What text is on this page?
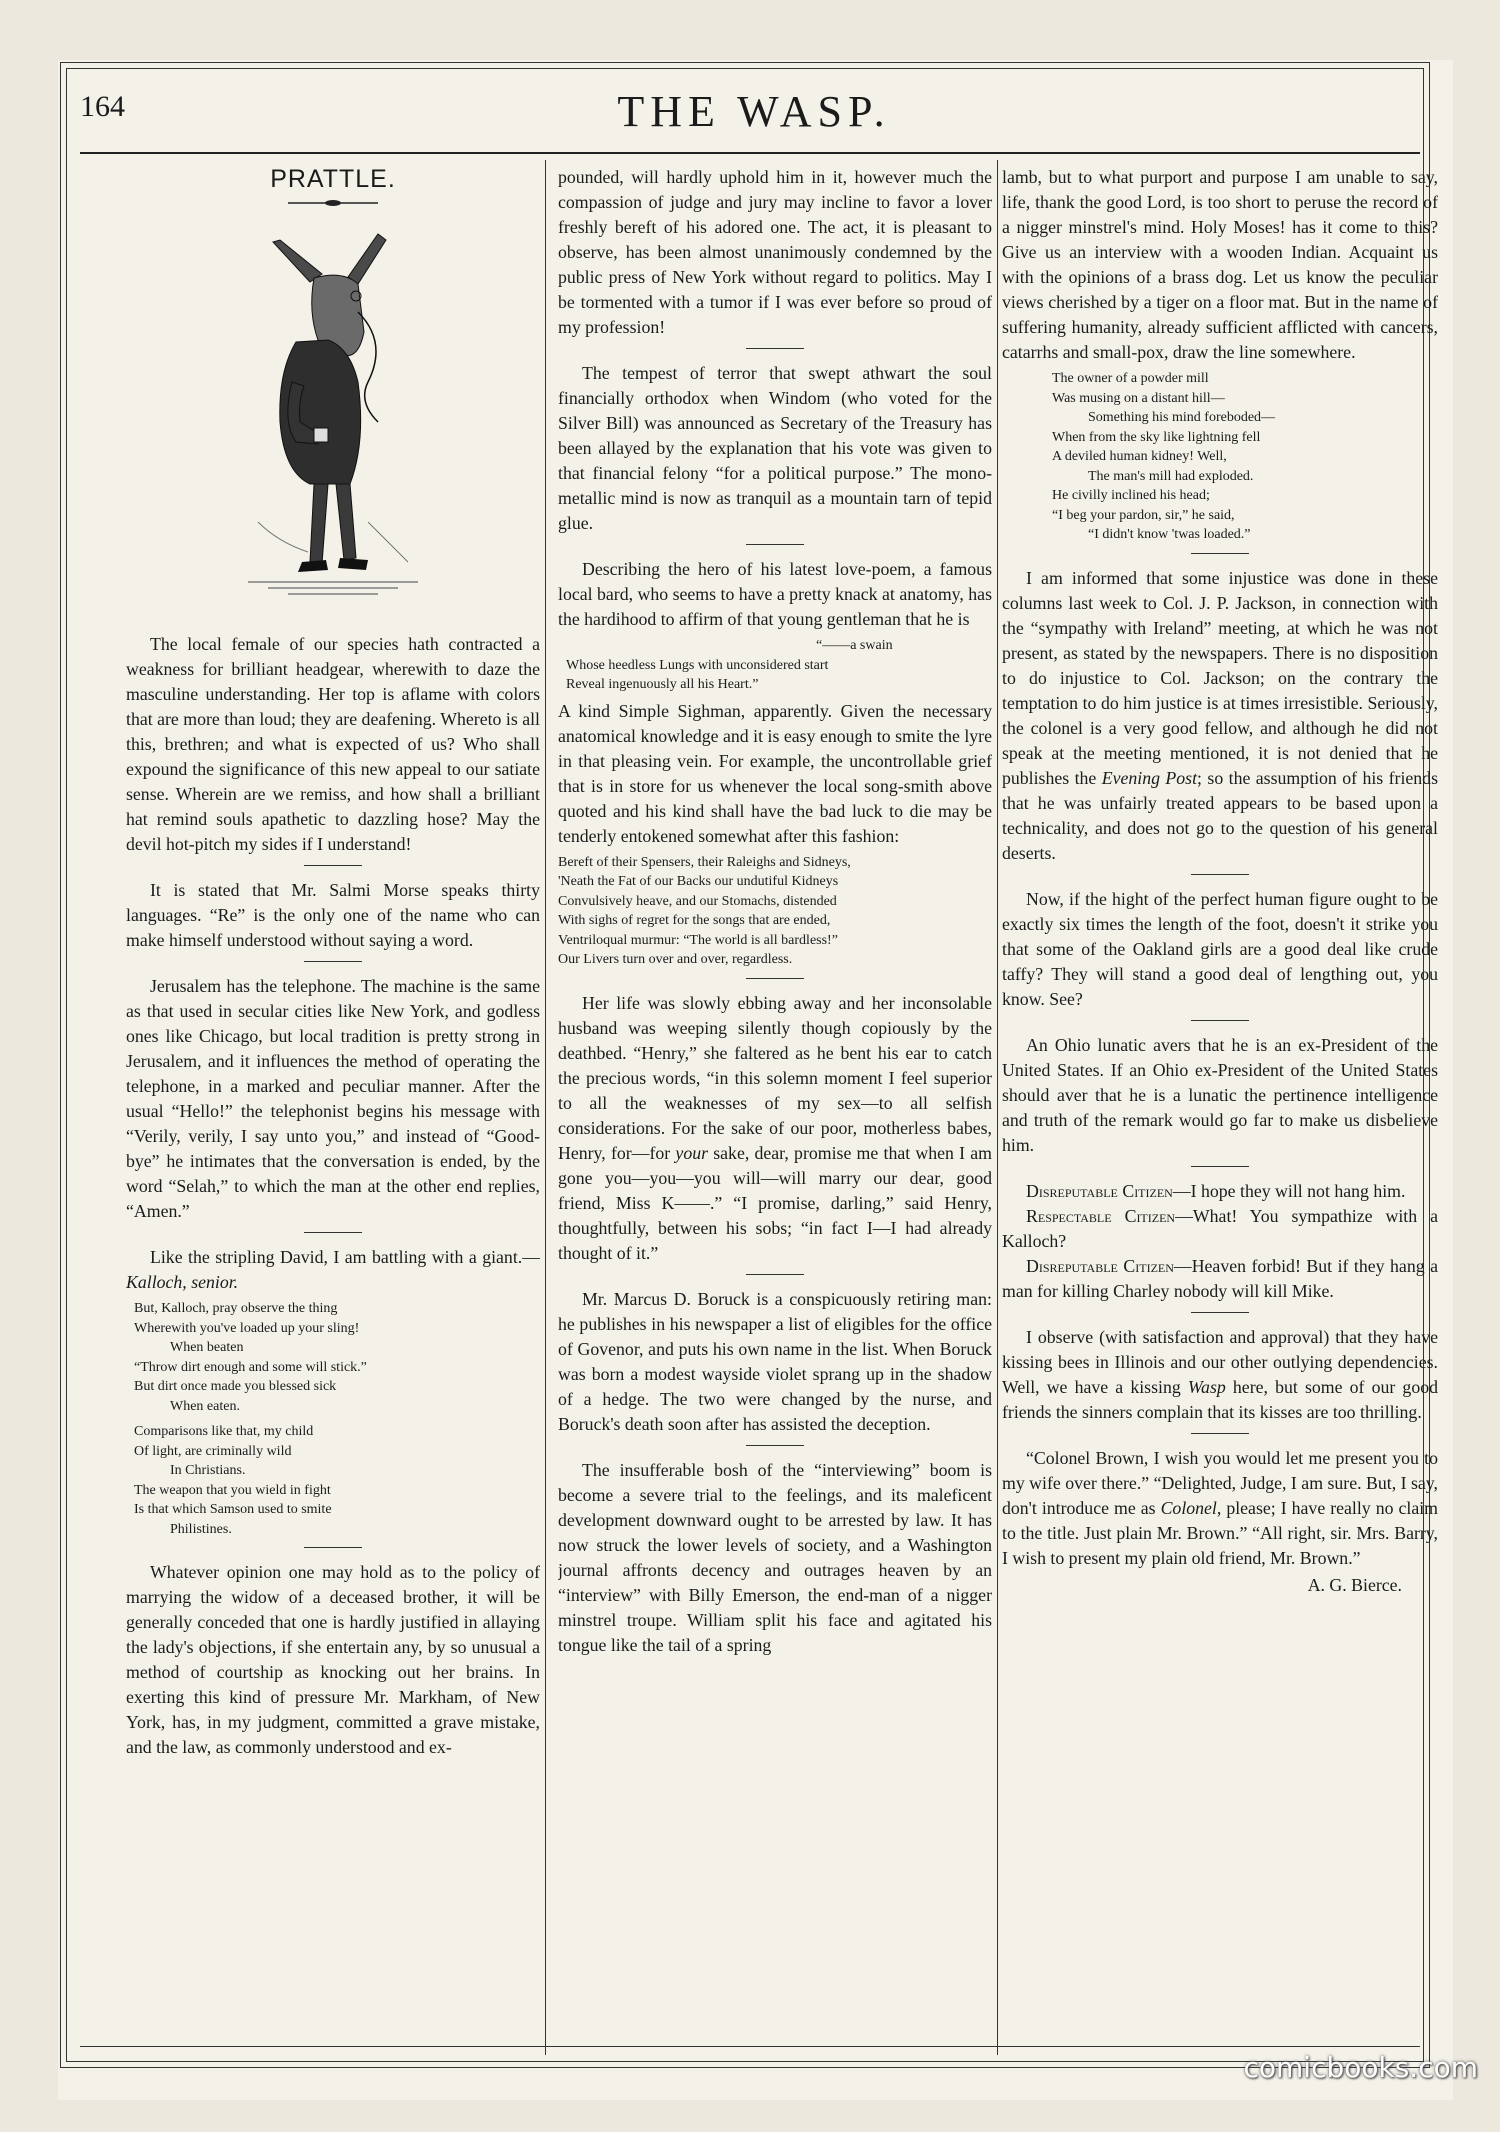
164	THE WASP.
PRATTLE.

The local female of our species hath contracted a weakness for brilliant headgear, wherewith to daze the masculine understanding. Her top is aflame with colors that are more than loud; they are deafening. Whereto is all this, brethren; and what is expected of us? Who shall expound the significance of this new appeal to our satiate sense. Wherein are we remiss, and how shall a brilliant hat remind souls apathetic to dazzling hose? May the devil hot-pitch my sides if I understand!

It is stated that Mr. Salmi Morse speaks thirty languages. “Re” is the only one of the name who can make himself understood without saying a word.

Jerusalem has the telephone. The machine is the same as that used in secular cities like New York, and godless ones like Chicago, but local tradition is pretty strong in Jerusalem, and it influences the method of operating the telephone, in a marked and peculiar manner. After the usual “Hello!” the telephonist begins his message with “Verily, verily, I say unto you,” and instead of “Good-bye” he intimates that the conversation is ended, by the word “Selah,” to which the man at the other end replies, “Amen.”

Like the stripling David, I am battling with a giant.—Kalloch, senior.

But, Kalloch, pray observe the thing
Wherewith you've loaded up your sling!
When beaten
“Throw dirt enough and some will stick.”
But dirt once made you blessed sick
When eaten.
Comparisons like that, my child
Of light, are criminally wild
In Christians.
The weapon that you wield in fight
Is that which Samson used to smite
Philistines.

Whatever opinion one may hold as to the policy of marrying the widow of a deceased brother, it will be generally conceded that one is hardly justified in allaying the lady's objections, if she entertain any, by so unusual a method of courtship as knocking out her brains. In exerting this kind of pressure Mr. Markham, of New York, has, in my judgment, committed a grave mistake, and the law, as commonly understood and ex-

pounded, will hardly uphold him in it, however much the compassion of judge and jury may incline to favor a lover freshly bereft of his adored one. The act, it is pleasant to observe, has been almost unanimously condemned by the public press of New York without regard to politics. May I be tormented with a tumor if I was ever before so proud of my profession!

The tempest of terror that swept athwart the soul financially orthodox when Windom (who voted for the Silver Bill) was announced as Secretary of the Treasury has been allayed by the explanation that his vote was given to that financial felony “for a political purpose.” The mono-metallic mind is now as tranquil as a mountain tarn of tepid glue.

Describing the hero of his latest love-poem, a famous local bard, who seems to have a pretty knack at anatomy, has the hardihood to affirm of that young gentleman that he is

“——a swain
Whose heedless Lungs with unconsidered start
Reveal ingenuously all his Heart.”

A kind Simple Sighman, apparently. Given the necessary anatomical knowledge and it is easy enough to smite the lyre in that pleasing vein. For example, the uncontrollable grief that is in store for us whenever the local song-smith above quoted and his kind shall have the bad luck to die may be tenderly entokened somewhat after this fashion:

Bereft of their Spensers, their Raleighs and Sidneys,
'Neath the Fat of our Backs our undutiful Kidneys
Convulsively heave, and our Stomachs, distended
With sighs of regret for the songs that are ended,
Ventriloqual murmur: “The world is all bardless!”
Our Livers turn over and over, regardless.

Her life was slowly ebbing away and her inconsolable husband was weeping silently though copiously by the deathbed. “Henry,” she faltered as he bent his ear to catch the precious words, “in this solemn moment I feel superior to all the weaknesses of my sex—to all selfish considerations. For the sake of our poor, motherless babes, Henry, for—for your sake, dear, promise me that when I am gone you—you—you will—will marry our dear, good friend, Miss K——.” “I promise, darling,” said Henry, thoughtfully, between his sobs; “in fact I—I had already thought of it.”

Mr. Marcus D. Boruck is a conspicuously retiring man: he publishes in his newspaper a list of eligibles for the office of Govenor, and puts his own name in the list. When Boruck was born a modest wayside violet sprang up in the shadow of a hedge. The two were changed by the nurse, and Boruck's death soon after has assisted the deception.

The insufferable bosh of the “interviewing” boom is become a severe trial to the feelings, and its maleficent development downward ought to be arrested by law. It has now struck the lower levels of society, and a Washington journal affronts decency and outrages heaven by an “interview” with Billy Emerson, the end-man of a nigger minstrel troupe. William split his face and agitated his tongue like the tail of a spring

lamb, but to what purport and purpose I am unable to say, life, thank the good Lord, is too short to peruse the record of a nigger minstrel's mind. Holy Moses! has it come to this? Give us an interview with a wooden Indian. Acquaint us with the opinions of a brass dog. Let us know the peculiar views cherished by a tiger on a floor mat. But in the name of suffering humanity, already sufficient afflicted with cancers, catarrhs and small-pox, draw the line somewhere.

The owner of a powder mill
Was musing on a distant hill—
Something his mind foreboded—
When from the sky like lightning fell
A deviled human kidney! Well,
The man's mill had exploded.
He civilly inclined his head;
“I beg your pardon, sir,” he said,
“I didn't know 'twas loaded.”

I am informed that some injustice was done in these columns last week to Col. J. P. Jackson, in connection with the “sympathy with Ireland” meeting, at which he was not present, as stated by the newspapers. There is no disposition to do injustice to Col. Jackson; on the contrary the temptation to do him justice is at times irresistible. Seriously, the colonel is a very good fellow, and although he did not speak at the meeting mentioned, it is not denied that he publishes the Evening Post; so the assumption of his friends that he was unfairly treated appears to be based upon a technicality, and does not go to the question of his general deserts.

Now, if the hight of the perfect human figure ought to be exactly six times the length of the foot, doesn't it strike you that some of the Oakland girls are a good deal like crude taffy? They will stand a good deal of lengthing out, you know. See?

An Ohio lunatic avers that he is an ex-President of the United States. If an Ohio ex-President of the United States should aver that he is a lunatic the pertinence intelligence and truth of the remark would go far to make us disbelieve him.

Disreputable Citizen—I hope they will not hang him.

Respectable Citizen—What! You sympathize with a Kalloch?

Disreputable Citizen—Heaven forbid! But if they hang a man for killing Charley nobody will kill Mike.

I observe (with satisfaction and approval) that they have kissing bees in Illinois and our other outlying dependencies. Well, we have a kissing Wasp here, but some of our good friends the sinners complain that its kisses are too thrilling.

“Colonel Brown, I wish you would let me present you to my wife over there.” “Delighted, Judge, I am sure. But, I say, don't introduce me as Colonel, please; I have really no claim to the title. Just plain Mr. Brown.” “All right, sir. Mrs. Barry, I wish to present my plain old friend, Mr. Brown.”

A. G. Bierce.
comicbooks.com
